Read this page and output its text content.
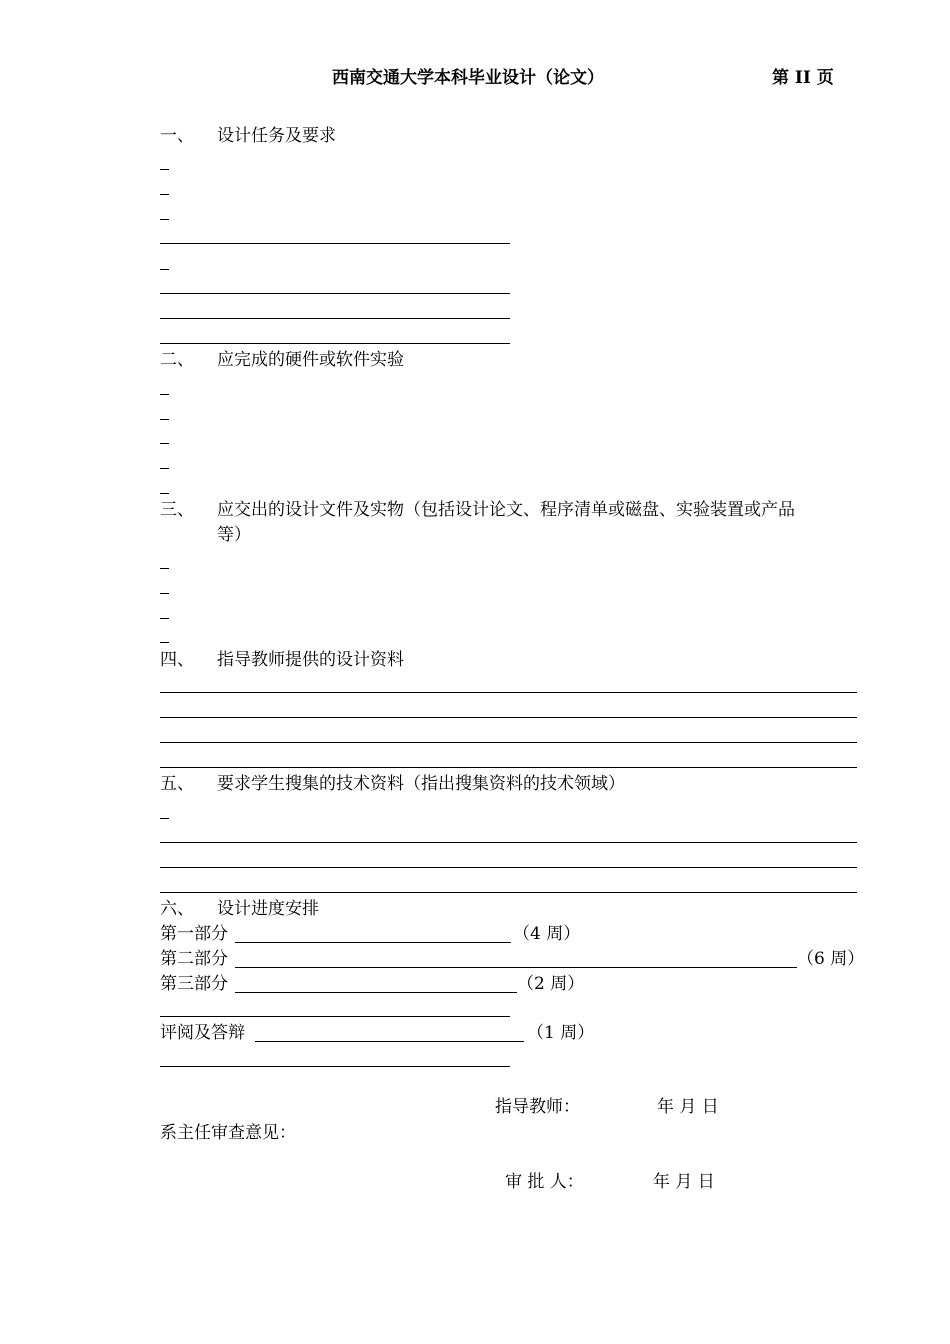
西南交通大学本科毕业设计（论文）	第 II 页
一、 设计任务及要求
二、 应完成的硬件或软件实验
三、 应交出的设计文件及实物（包括设计论文、程序清单或磁盘、实验装置或产品
等）
四、 指导教师提供的设计资料
五、 要求学生搜集的技术资料（指出搜集资料的技术领域）
六、 设计进度安排
第一部分	（4 周）
第二部分	（6 周）
第三部分	（2 周）
评阅及答辩	（1 周）
指导教师：	年 月 日
系主任审查意见：
审 批 人：	年 月 日
